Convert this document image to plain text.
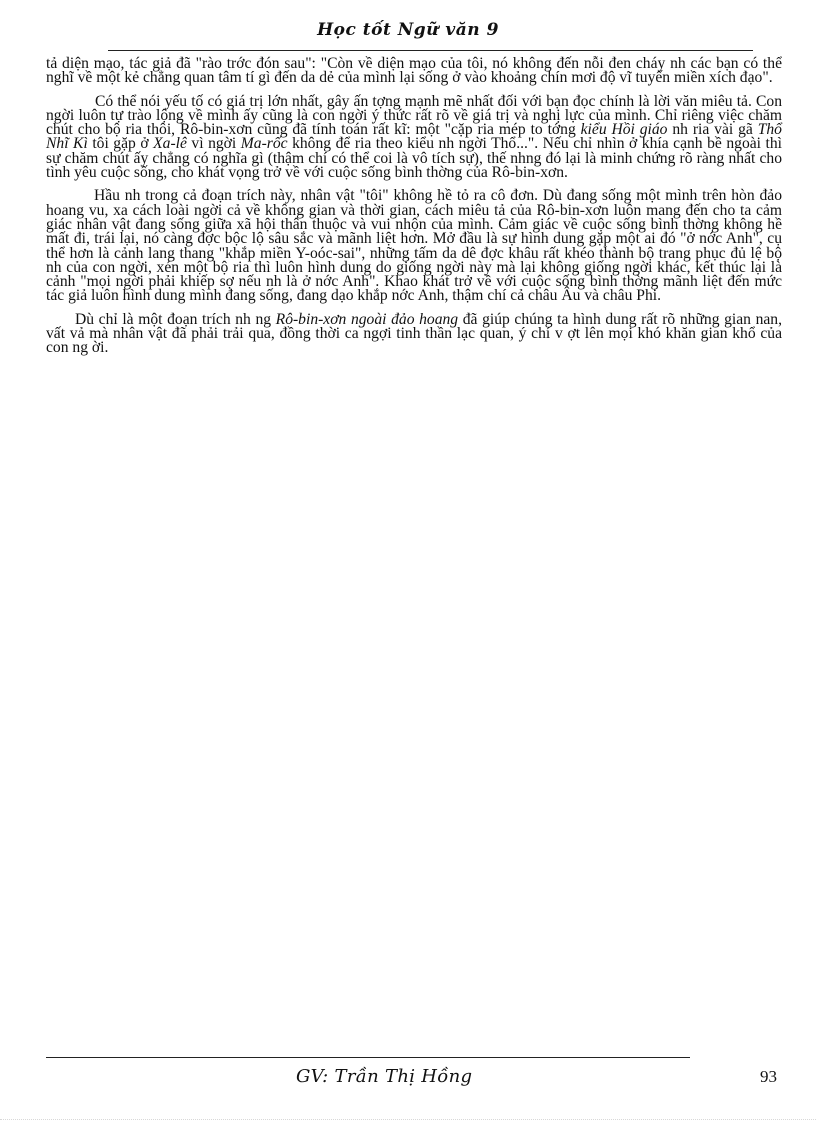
Học tốt Ngữ văn 9

tả diện mạo, tác giả đã "rào trớc đón sau": "Còn về diện mạo của tôi, nó không đến nỗi đen cháy nh các bạn có thể nghĩ về một kẻ chẳng quan tâm tí gì đến da dẻ của mình lại sống ở vào khoảng chín mơi độ vĩ tuyến miền xích đạo".

Có thể nói yếu tố có giá trị lớn nhất, gây ấn tợng mạnh mẽ nhất đối với bạn đọc chính là lời văn miêu tả. Con ngời luôn tự trào lộng về mình ấy cũng là con ngời ý thức rất rõ về giá trị và nghị lực của mình. Chỉ riêng việc chăm chút cho bộ ria thôi, Rô-bin-xơn cũng đã tính toán rất kĩ: một "cặp ria mép to tớng kiểu Hồi giáo nh ria vài gã Thổ Nhĩ Kì tôi gặp ở Xa-lê vì ngời Ma-rốc không để ria theo kiểu nh ngời Thổ...". Nếu chỉ nhìn ở khía cạnh bề ngoài thì sự chăm chút ấy chẳng có nghĩa gì (thậm chí có thể coi là vô tích sự), thế nhng đó lại là minh chứng rõ ràng nhất cho tình yêu cuộc sống, cho khát vọng trở về với cuộc sống bình thờng của Rô-bin-xơn.

Hầu nh trong cả đoạn trích này, nhân vật "tôi" không hề tỏ ra cô đơn. Dù đang sống một mình trên hòn đảo hoang vu, xa cách loài ngời cả về không gian và thời gian, cách miêu tả của Rô-bin-xơn luôn mang đến cho ta cảm giác nhân vật đang sống giữa xã hội thân thuộc và vui nhộn của mình. Cảm giác về cuộc sống bình thờng không hề mất đi, trái lại, nó càng đợc bộc lộ sâu sắc và mãnh liệt hơn. Mở đầu là sự hình dung gặp một ai đó "ở nớc Anh", cụ thể hơn là cảnh lang thang "khắp miền Y-oóc-sai", những tấm da dê đợc khâu rất khéo thành bộ trang phục đủ lệ bộ nh của con ngời, xén một bộ ria thì luôn hình dung do giống ngời này mà lại không giống ngời khác, kết thúc lại là cảnh "mọi ngời phải khiếp sợ nếu nh là ở nớc Anh". Khao khát trở về với cuộc sống bình thờng mãnh liệt đến mức tác giả luôn hình dung mình đang sống, đang dạo khắp nớc Anh, thậm chí cả châu Âu và châu Phi.

Dù chỉ là một đoạn trích nh ng Rô-bin-xơn ngoài đảo hoang đã giúp chúng ta hình dung rất rõ những gian nan, vất vả mà nhân vật đã phải trải qua, đồng thời ca ngợi tinh thần lạc quan, ý chí v ợt lên mọi khó khăn gian khổ của con ng ời.

GV: Trần Thị Hồng	93
